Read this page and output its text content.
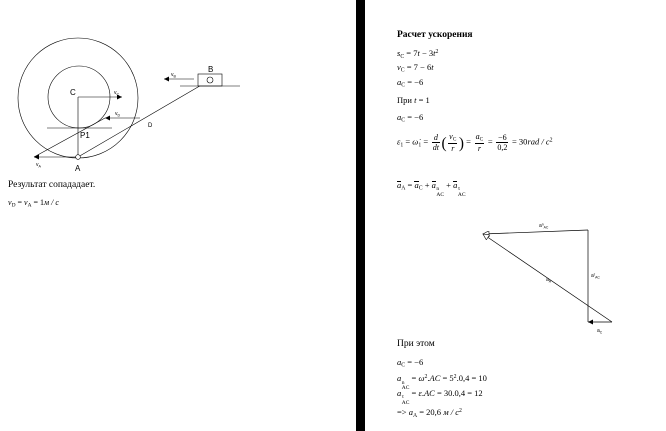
C	$v_C$
$v_D$
P1
D
A
$v_A$
B
$v_B$
Результат сопададает.
$v_D = v_A = 1м / с$
Расчет ускорения
$s_C = 7t - 3t^2$
$v_C = 7 - 6t$
$a_C = -6$
При t = 1
$a_C = -6$
$\varepsilon_1$ = $\omegȧ_1 = \frac{d}{dt}$ ( $\frac{v_C}{r}$ ) = $\frac{a_C}{r} = \frac{-6}{0,2} = 30rad / c^2$
$a_A = a_C + a$ n
AC
+ a τ
AC
$a^n_{AC}$
$a^\tau_{AC}$
$a_A$
$a_C$
При этом
$a_C = -6$
a n
AC
= $\omega^2.AC = 5^2.0,4 = 10$
a τ
AC
= ε.AC = 30.0,4 = 12
=> $a_A = 20,6$ м / $с^2$
